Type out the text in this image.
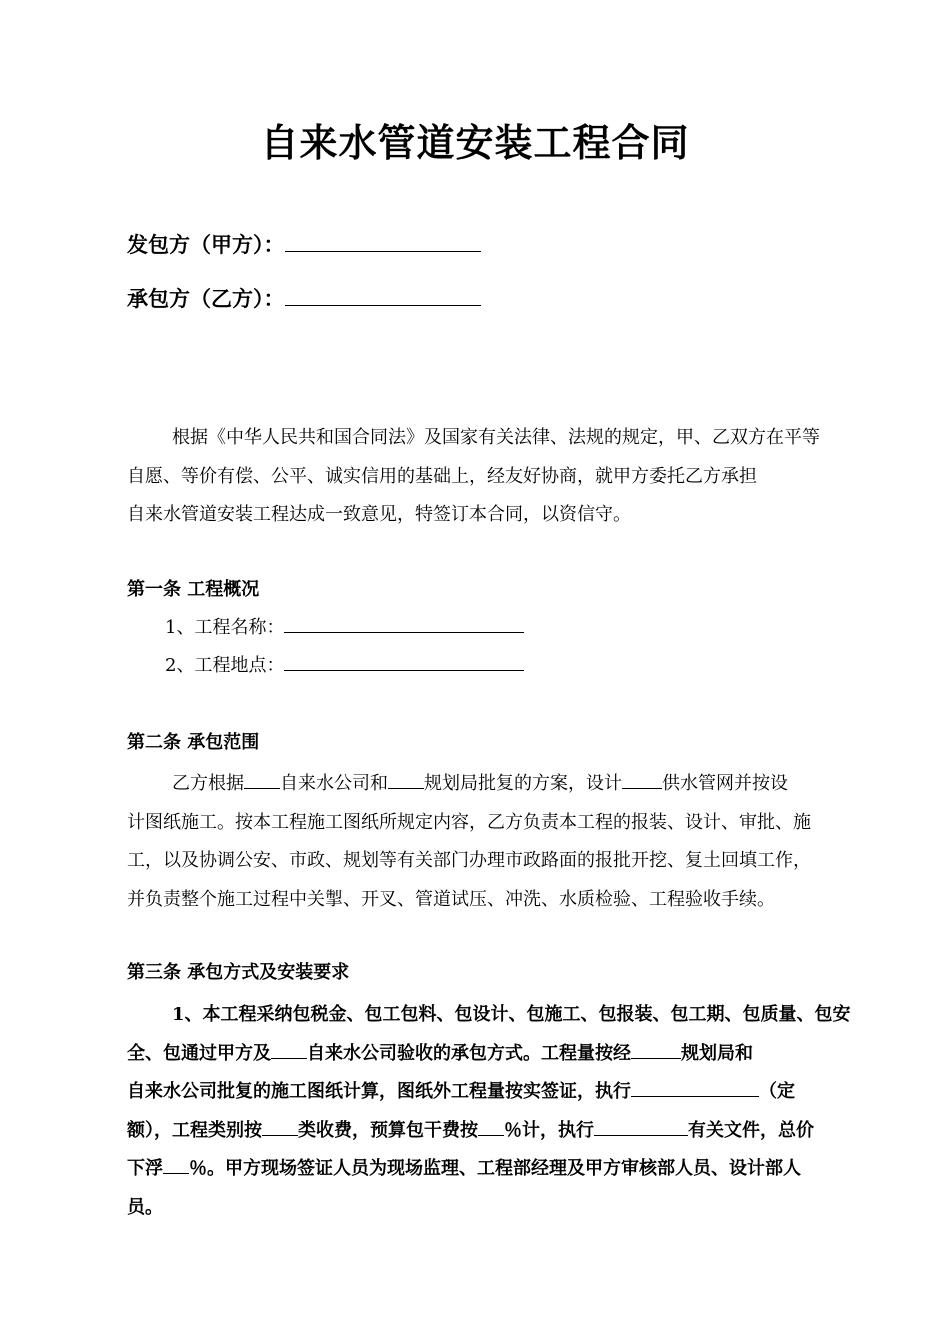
自来水管道安装工程合同
发包方（甲方）：
承包方（乙方）：
根据《中华人民共和国合同法》及国家有关法律、法规的规定，甲、乙双方在平等
自愿、等价有偿、公平、诚实信用的基础上，经友好协商，就甲方委托乙方承担
自来水管道安装工程达成一致意见，特签订本合同，以资信守。
第一条 工程概况
1、工程名称：
2、工程地点：
第二条 承包范围
乙方根据 自来水公司和 规划局批复的方案，设计 供水管网并按设
计图纸施工。按本工程施工图纸所规定内容，乙方负责本工程的报装、设计、审批、施
工，以及协调公安、市政、规划等有关部门办理市政路面的报批开挖、复土回填工作，
并负责整个施工过程中关掣、开叉、管道试压、冲洗、水质检验、工程验收手续。
第三条 承包方式及安装要求
1、本工程采纳包税金、包工包料、包设计、包施工、包报装、包工期、包质量、包安
全、包通过甲方及 自来水公司验收的承包方式。工程量按经	规划局和
自来水公司批复的施工图纸计算，图纸外工程量按实签证，执行	（定
额），工程类别按 类收费，预算包干费按 ％计，执行	有关文件，总价
下浮 ％。甲方现场签证人员为现场监理、工程部经理及甲方审核部人员、设计部人
员。
